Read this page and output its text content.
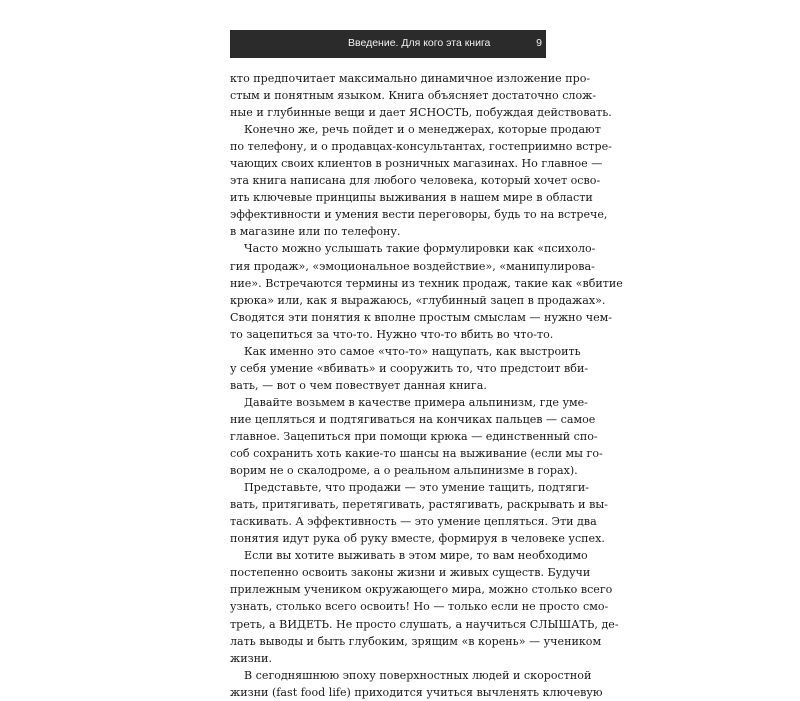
Введение. Для кого эта книга	9
кто предпочитает максимально динамичное изложение про-
стым и понятным языком. Книга объясняет достаточно слож-
ные и глубинные вещи и дает ЯСНОСТЬ, побуждая действовать.
Конечно же, речь пойдет и о менеджерах, которые продают
по телефону, и о продавцах-консультантах, гостеприимно встре-
чающих своих клиентов в розничных магазинах. Но главное —
эта книга написана для любого человека, который хочет осво-
ить ключевые принципы выживания в нашем мире в области
эффективности и умения вести переговоры, будь то на встрече,
в магазине или по телефону.
Часто можно услышать такие формулировки как «психоло-
гия продаж», «эмоциональное воздействие», «манипулирова-
ние». Встречаются термины из техник продаж, такие как «вбитие
крюка» или, как я выражаюсь, «глубинный зацеп в продажах».
Сводятся эти понятия к вполне простым смыслам — нужно чем-
то зацепиться за что-то. Нужно что-то вбить во что-то.
Как именно это самое «что-то» нащупать, как выстроить
у себя умение «вбивать» и сооружить то, что предстоит вби-
вать, — вот о чем повествует данная книга.
Давайте возьмем в качестве примера альпинизм, где уме-
ние цепляться и подтягиваться на кончиках пальцев — самое
главное. Зацепиться при помощи крюка — единственный спо-
соб сохранить хоть какие-то шансы на выживание (если мы го-
ворим не о скалодроме, а о реальном альпинизме в горах).
Представьте, что продажи — это умение тащить, подтяги-
вать, притягивать, перетягивать, растягивать, раскрывать и вы-
таскивать. А эффективность — это умение цепляться. Эти два
понятия идут рука об руку вместе, формируя в человеке успех.
Если вы хотите выживать в этом мире, то вам необходимо
постепенно освоить законы жизни и живых существ. Будучи
прилежным учеником окружающего мира, можно столько всего
узнать, столько всего освоить! Но — только если не просто смо-
треть, а ВИДЕТЬ. Не просто слушать, а научиться СЛЫШАТЬ, де-
лать выводы и быть глубоким, зрящим «в корень» — учеником
жизни.
В сегодняшнюю эпоху поверхностных людей и скоростной
жизни (fast food life) приходится учиться вычленять ключевую
